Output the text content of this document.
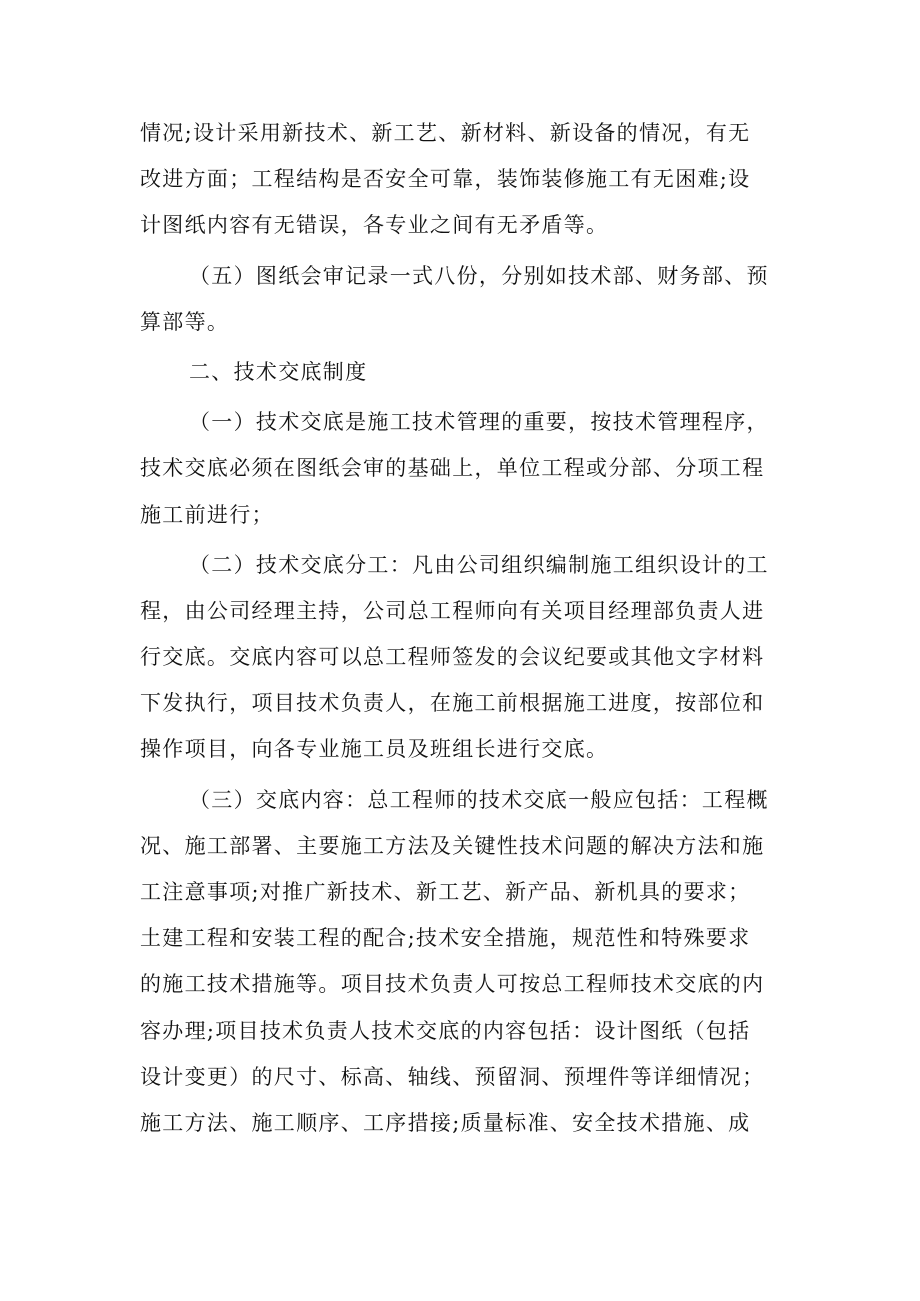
情况;设计采用新技术、新工艺、新材料、新设备的情况，有无
改进方面；工程结构是否安全可靠，装饰装修施工有无困难;设
计图纸内容有无错误，各专业之间有无矛盾等。
（五）图纸会审记录一式八份，分别如技术部、财务部、预
算部等。
二、技术交底制度
（一）技术交底是施工技术管理的重要，按技术管理程序，
技术交底必须在图纸会审的基础上，单位工程或分部、分项工程
施工前进行；
（二）技术交底分工：凡由公司组织编制施工组织设计的工
程，由公司经理主持，公司总工程师向有关项目经理部负责人进
行交底。交底内容可以总工程师签发的会议纪要或其他文字材料
下发执行，项目技术负责人，在施工前根据施工进度，按部位和
操作项目，向各专业施工员及班组长进行交底。
（三）交底内容：总工程师的技术交底一般应包括：工程概
况、施工部署、主要施工方法及关键性技术问题的解决方法和施
工注意事项;对推广新技术、新工艺、新产品、新机具的要求；
土建工程和安装工程的配合;技术安全措施，规范性和特殊要求
的施工技术措施等。项目技术负责人可按总工程师技术交底的内
容办理;项目技术负责人技术交底的内容包括：设计图纸（包括
设计变更）的尺寸、标高、轴线、预留洞、预埋件等详细情况；
施工方法、施工顺序、工序措接;质量标准、安全技术措施、成
